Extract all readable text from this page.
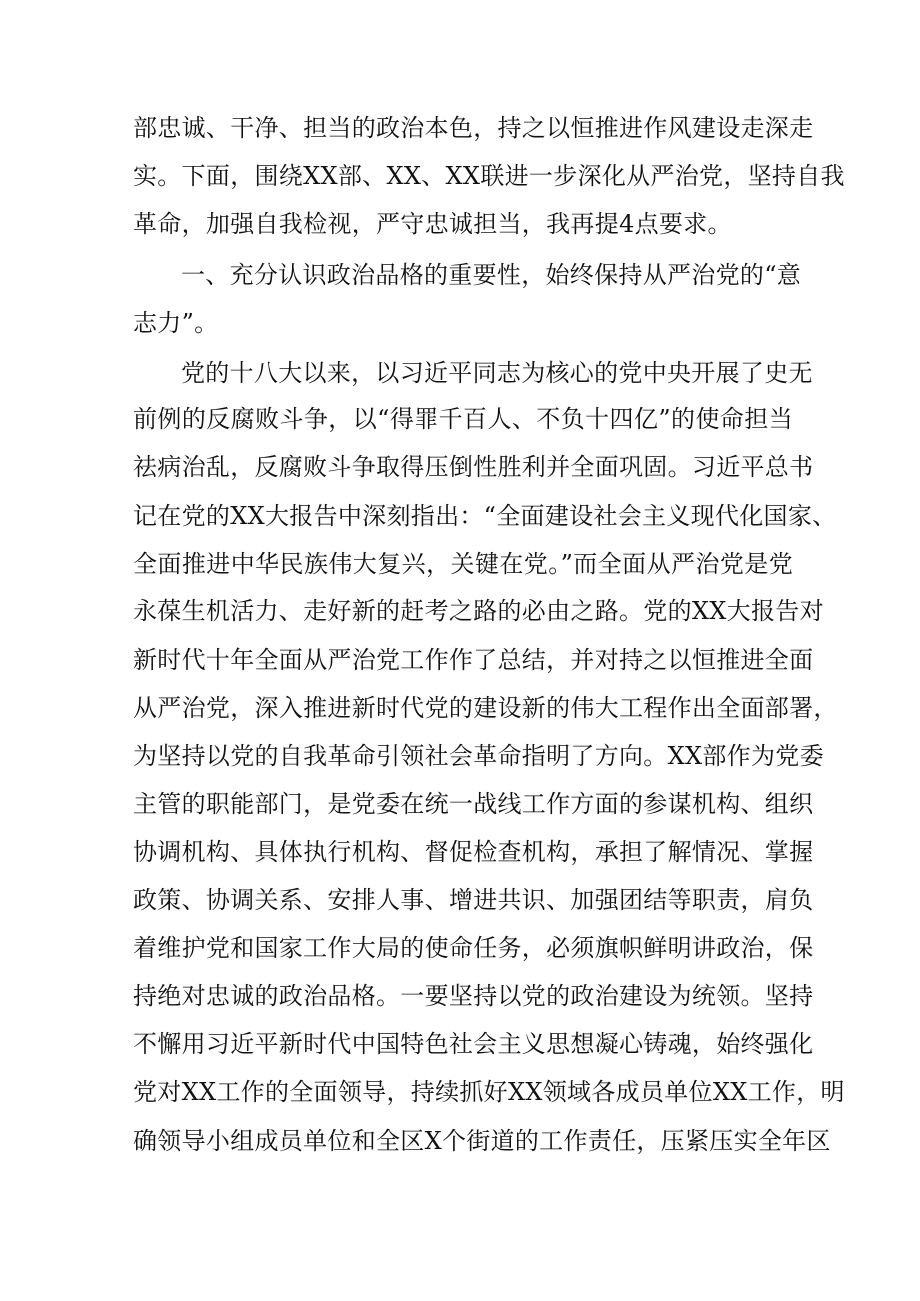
部忠诚、干净、担当的政治本色，持之以恒推进作风建设走深走
实。下面，围绕XX部、XX、XX联进一步深化从严治党，坚持自我
革命，加强自我检视，严守忠诚担当，我再提4点要求。
一、充分认识政治品格的重要性，始终保持从严治党的“意
志力”。
党的十八大以来，以习近平同志为核心的党中央开展了史无
前例的反腐败斗争，以“得罪千百人、不负十四亿”的使命担当
祛病治乱，反腐败斗争取得压倒性胜利并全面巩固。习近平总书
记在党的XX大报告中深刻指出：“全面建设社会主义现代化国家、
全面推进中华民族伟大复兴，关键在党。”而全面从严治党是党
永葆生机活力、走好新的赶考之路的必由之路。党的XX大报告对
新时代十年全面从严治党工作作了总结，并对持之以恒推进全面
从严治党，深入推进新时代党的建设新的伟大工程作出全面部署，
为坚持以党的自我革命引领社会革命指明了方向。XX部作为党委
主管的职能部门，是党委在统一战线工作方面的参谋机构、组织
协调机构、具体执行机构、督促检查机构，承担了解情况、掌握
政策、协调关系、安排人事、增进共识、加强团结等职责，肩负
着维护党和国家工作大局的使命任务，必须旗帜鲜明讲政治，保
持绝对忠诚的政治品格。一要坚持以党的政治建设为统领。坚持
不懈用习近平新时代中国特色社会主义思想凝心铸魂，始终强化
党对XX工作的全面领导，持续抓好XX领域各成员单位XX工作，明
确领导小组成员单位和全区X个街道的工作责任，压紧压实全年区
